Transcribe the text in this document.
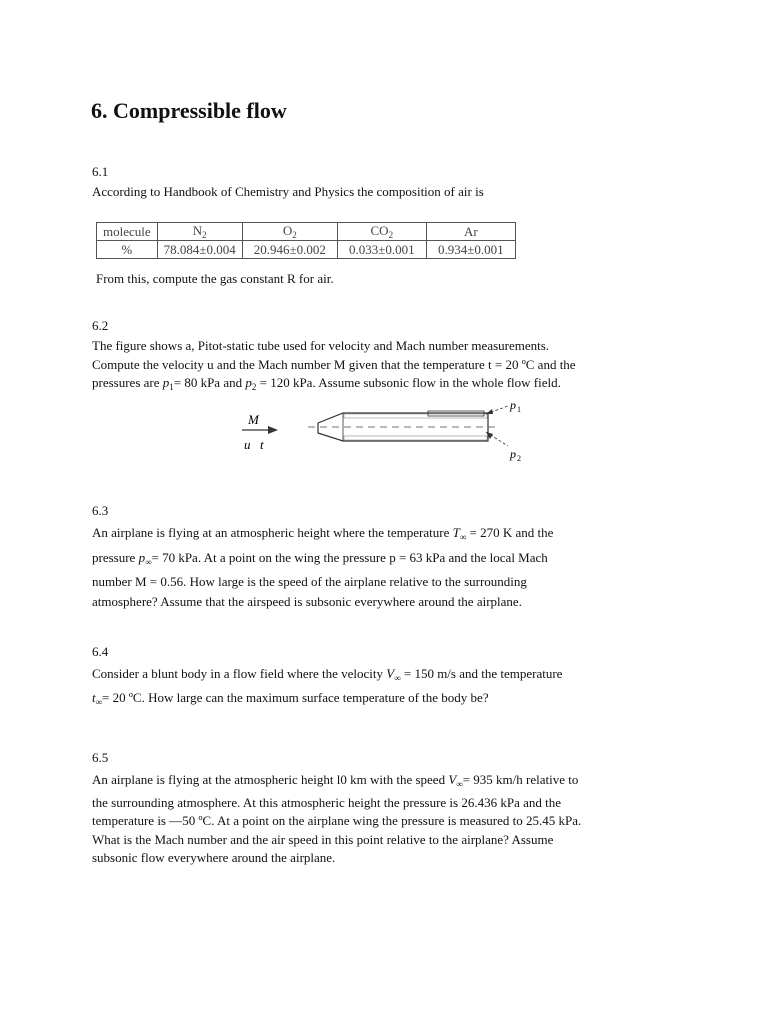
6. Compressible flow
6.1
According to Handbook of Chemistry and Physics the composition of air is
molecule	$N_2$	$O_2$	$CO_2$	Ar
%	78.084±0.004	20.946±0.002	0.033±0.001	0.934±0.001
From this, compute the gas constant R for air.
6.2
The figure shows a, Pitot-static tube used for velocity and Mach number measurements.
Compute the velocity u and the Mach number M given that the temperature t = 20 ºC and the
pressures are $p_1= 80$ kPa and $p_2 = 120$ kPa. Assume subsonic flow in the whole flow field.
M
u t
p 1
p 2
6.3
An airplane is flying at an atmospheric height where the temperature $T_\infty = 270$ K and the
pressure $p_\infty= 70$ kPa. At a point on the wing the pressure p = 63 kPa and the local Mach
number M = 0.56. How large is the speed of the airplane relative to the surrounding
atmosphere? Assume that the airspeed is subsonic everywhere around the airplane.
6.4
Consider a blunt body in a flow field where the velocity $V_\infty = 150$ m/s and the temperature
$t_\infty= 20$ ºC. How large can the maximum surface temperature of the body be?
6.5
An airplane is flying at the atmospheric height l0 km with the speed $V_\infty= 935$ km/h relative to
the surrounding atmosphere. At this atmospheric height the pressure is 26.436 kPa and the
temperature is —50 ºC. At a point on the airplane wing the pressure is measured to 25.45 kPa.
What is the Mach number and the air speed in this point relative to the airplane? Assume
subsonic flow everywhere around the airplane.
